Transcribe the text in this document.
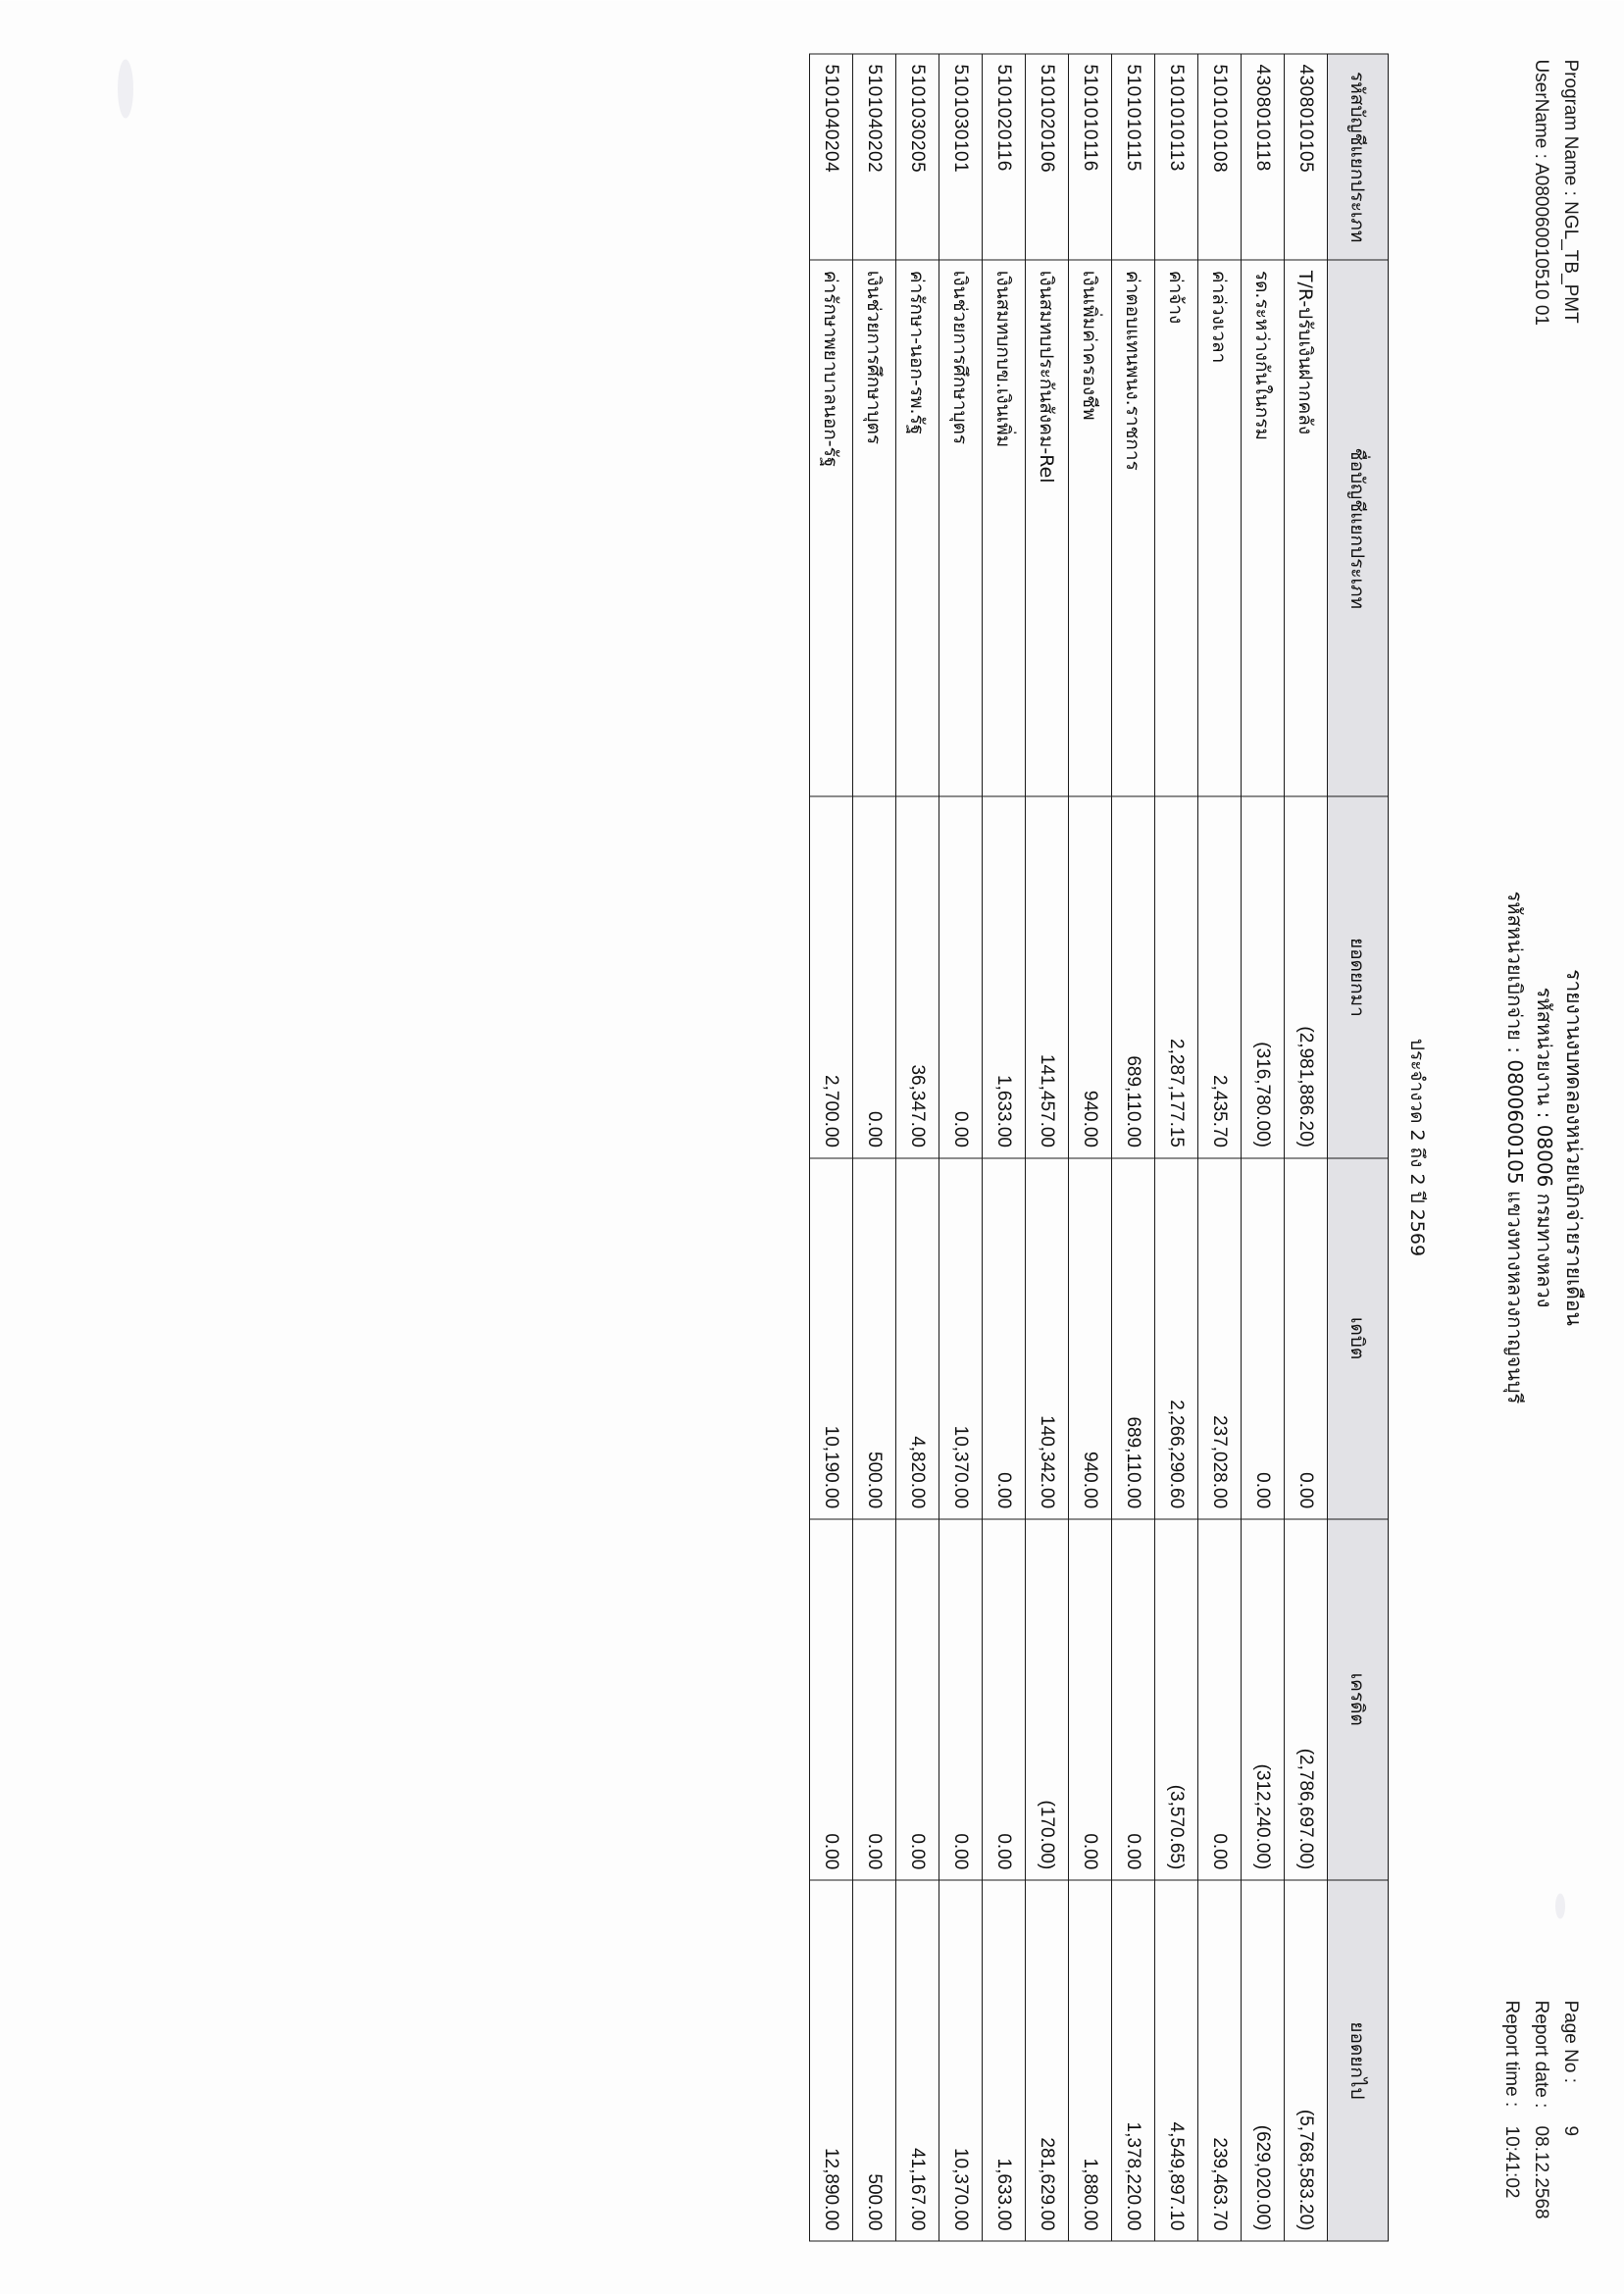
Program Name : NGL_TB_PMT
UserName : A080060010510 01
รายงานงบทดลองหน่วยเบิกจ่ายรายเดือน
รหัสหน่วยงาน : 08006 กรมทางหลวง
รหัสหน่วยเบิกจ่าย : 0800600105 แขวงทางหลวงกาญจนบุรี
Page No :
9
Report date :
08.12.2568
Report time :
10:41:02
ประจำงวด 2 ถึง 2 ปี 2569
รหัสบัญชีแยกประเภท	ชื่อบัญชีแยกประเภท	ยอดยกมา	เดบิต	เครดิต	ยอดยกไป
4308010105	T/R-ปรับเงินฝากคลัง	(2,981,886.20)	0.00	(2,786,697.00)	(5,768,583.20)
4308010118	รด.ระหว่างกันในกรม	(316,780.00)	0.00	(312,240.00)	(629,020.00)
5101010108	ค่าล่วงเวลา	2,435.70	237,028.00	0.00	239,463.70
5101010113	ค่าจ้าง	2,287,177.15	2,266,290.60	(3,570.65)	4,549,897.10
5101010115	ค่าตอบแทนพนง.ราชการ	689,110.00	689,110.00	0.00	1,378,220.00
5101010116	เงินเพิ่มค่าครองชีพ	940.00	940.00	0.00	1,880.00
5101020106	เงินสมทบประกันสังคม-Rel	141,457.00	140,342.00	(170.00)	281,629.00
5101020116	เงินสมทบกบข.เงินเพิ่ม	1,633.00	0.00	0.00	1,633.00
5101030101	เงินช่วยการศึกษาบุตร	0.00	10,370.00	0.00	10,370.00
5101030205	ค่ารักษา-นอก-รพ.รัฐ	36,347.00	4,820.00	0.00	41,167.00
5101040202	เงินช่วยการศึกษาบุตร	0.00	500.00	0.00	500.00
5101040204	ค่ารักษาพยาบาลนอก-รัฐ	2,700.00	10,190.00	0.00	12,890.00
